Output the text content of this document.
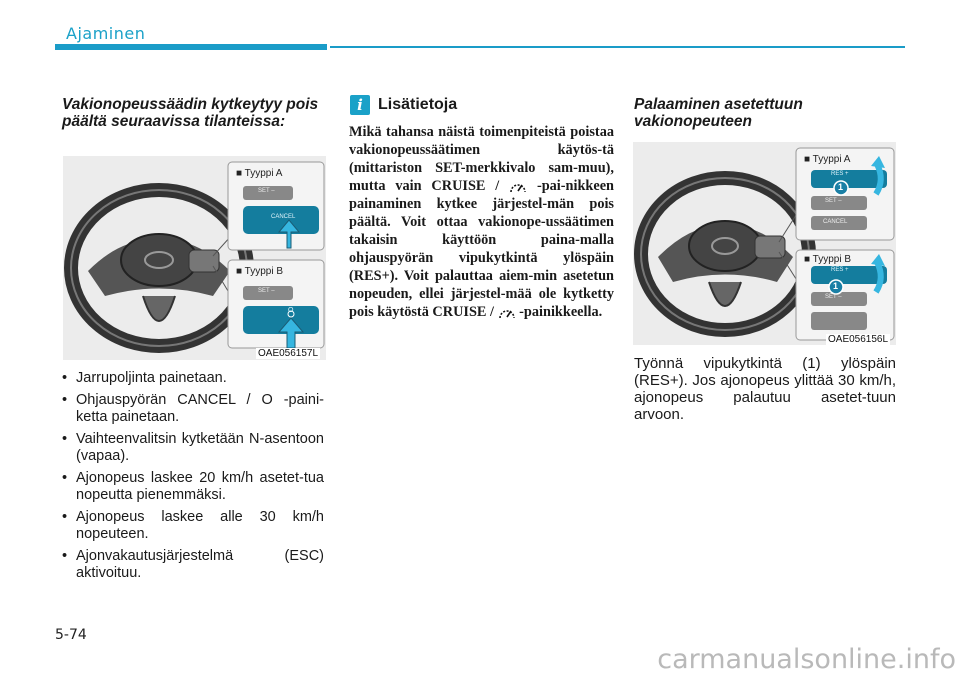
Ajaminen
Vakionopeussäädin kytkeytyy pois päältä seuraavissa tilanteissa:
■ Tyyppi A
■ Tyyppi B
SET –
CANCEL
SET –
O
OAE056157L
• Jarrupoljinta painetaan.
• Ohjauspyörän CANCEL / O -paini-ketta painetaan.
• Vaihteenvalitsin kytketään N-asentoon (vapaa).
• Ajonopeus laskee 20 km/h asetet-tua nopeutta pienemmäksi.
• Ajonopeus laskee alle 30 km/h nopeuteen.
• Ajonvakautusjärjestelmä (ESC) aktivoituu.
i Lisätietoja
Mikä tahansa näistä toimenpiteistä poistaa vakionopeussäätimen käytös-tä (mittariston SET-merkkivalo sam-muu), mutta vain CRUISE /	-pai-nikkeen painaminen kytkee järjestel-män pois päältä. Voit ottaa vakionope-ussäätimen takaisin käyttöön paina-malla ohjauspyörän vipukytkintä ylöspäin (RES+). Voit palauttaa aiem-min asetetun nopeuden, ellei järjestel-mää ole kytketty pois käytöstä CRUISE / -painikkeella.
Palaaminen asetettuun vakionopeuteen
■ Tyyppi A
■ Tyyppi B
RES +
SET –
CANCEL
RES +
SET –
1
1
OAE056156L
Työnnä vipukytkintä (1) ylöspäin (RES+). Jos ajonopeus ylittää 30 km/h, ajonopeus palautuu asetet-tuun arvoon.
5-74
carmanualsonline.info
